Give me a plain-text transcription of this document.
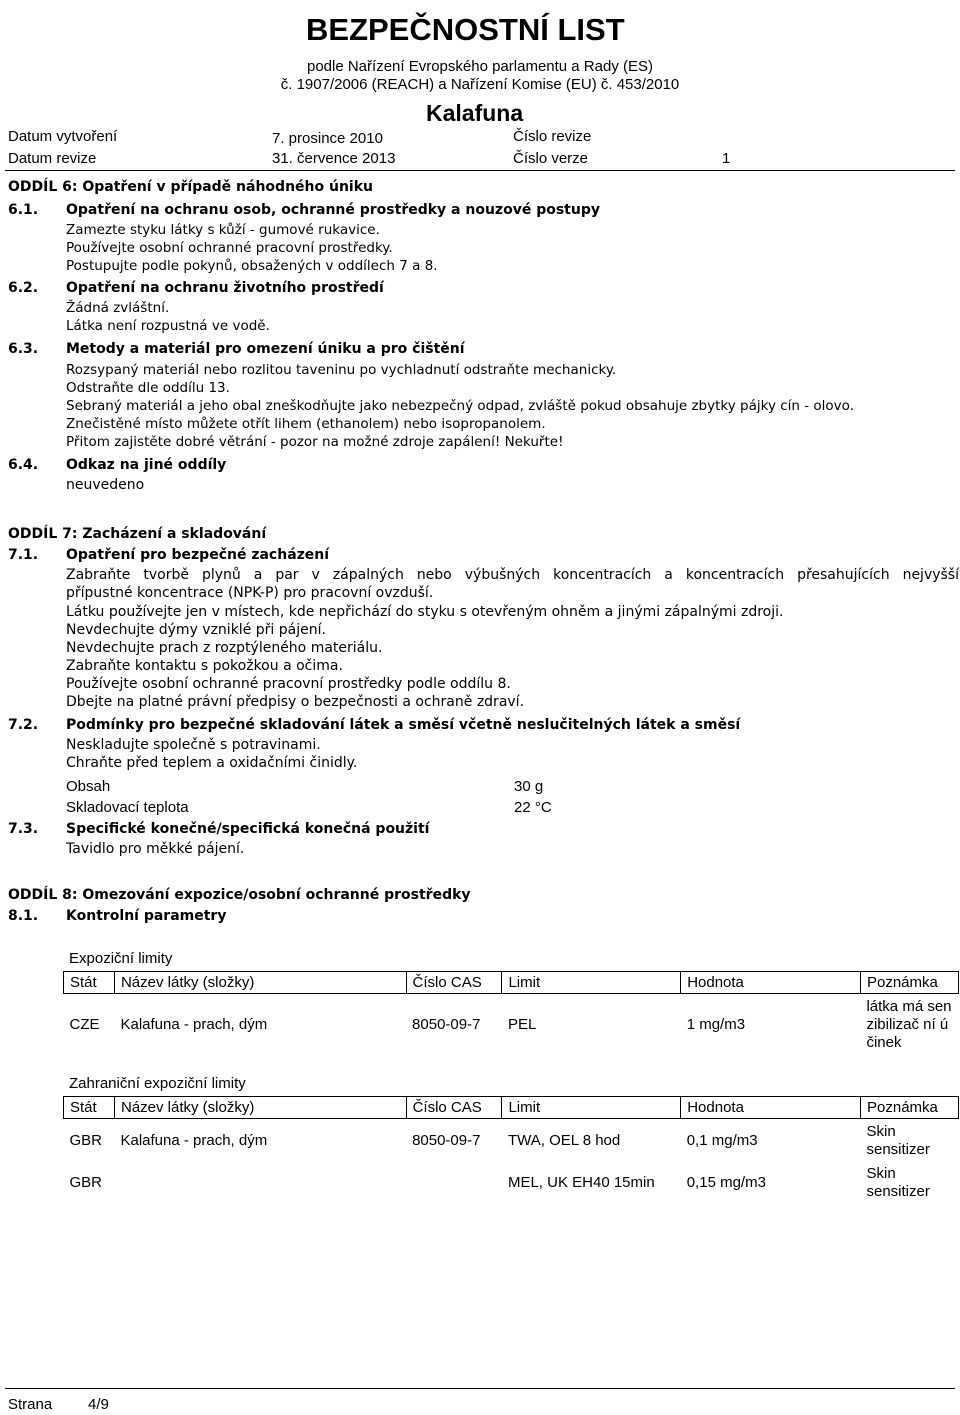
BEZPEČNOSTNÍ LIST
podle Nařízení Evropského parlamentu a Rady (ES)
č. 1907/2006 (REACH) a Nařízení Komise (EU) č. 453/2010
Kalafuna
Datum vytvoření	7. prosince 2010	Číslo revize
Datum revize	31. července 2013	Číslo verze	1
ODDÍL 6: Opatření v případě náhodného úniku
6.1. Opatření na ochranu osob, ochranné prostředky a nouzové postupy
Zamezte styku látky s kůží - gumové rukavice.
Používejte osobní ochranné pracovní prostředky.
Postupujte podle pokynů, obsažených v oddílech 7 a 8.
6.2. Opatření na ochranu životního prostředí
Žádná zvláštní.
Látka není rozpustná ve vodě.
6.3. Metody a materiál pro omezení úniku a pro čištění
Rozsypaný materiál nebo rozlitou taveninu po vychladnutí odstraňte mechanicky.
Odstraňte dle oddílu 13.
Sebraný materiál a jeho obal zneškodňujte jako nebezpečný odpad, zvláště pokud obsahuje zbytky pájky cín - olovo.
Znečistěné místo můžete otřít lihem (ethanolem) nebo isopropanolem.
Přitom zajistěte dobré větrání - pozor na možné zdroje zapálení! Nekuřte!
6.4. Odkaz na jiné oddíly
neuvedeno
ODDÍL 7: Zacházení a skladování
7.1. Opatření pro bezpečné zacházení
Zabraňte tvorbě plynů a par v zápalných nebo výbušných koncentracích a koncentracích přesahujících nejvyšší
přípustné koncentrace (NPK-P) pro pracovní ovzduší.
Látku používejte jen v místech, kde nepřichází do styku s otevřeným ohněm a jinými zápalnými zdroji.
Nevdechujte dýmy vzniklé při pájení.
Nevdechujte prach z rozptýleného materiálu.
Zabraňte kontaktu s pokožkou a očima.
Používejte osobní ochranné pracovní prostředky podle oddílu 8.
Dbejte na platné právní předpisy o bezpečnosti a ochraně zdraví.
7.2. Podmínky pro bezpečné skladování látek a směsí včetně neslučitelných látek a směsí
Neskladujte společně s potravinami.
Chraňte před teplem a oxidačními činidly.
Obsah	30 g
Skladovací teplota	22 °C
7.3. Specifické konečné/specifická konečná použití
Tavidlo pro měkké pájení.
ODDÍL 8: Omezování expozice/osobní ochranné prostředky
8.1. Kontrolní parametry
Expoziční limity
Stát	Název látky (složky)	Číslo CAS	Limit	Hodnota	Poznámka
CZE	Kalafuna - prach, dým	8050-09-7	PEL	1 mg/m3	látka má senzibilizač ní účinek
Zahraniční expoziční limity
Stát	Název látky (složky)	Číslo CAS	Limit	Hodnota	Poznámka
GBR	Kalafuna - prach, dým	8050-09-7	TWA, OEL 8 hod	0,1 mg/m3	Skin sensitizer
GBR			MEL, UK EH40 15min	0,15 mg/m3	Skin sensitizer
Strana 4/9
